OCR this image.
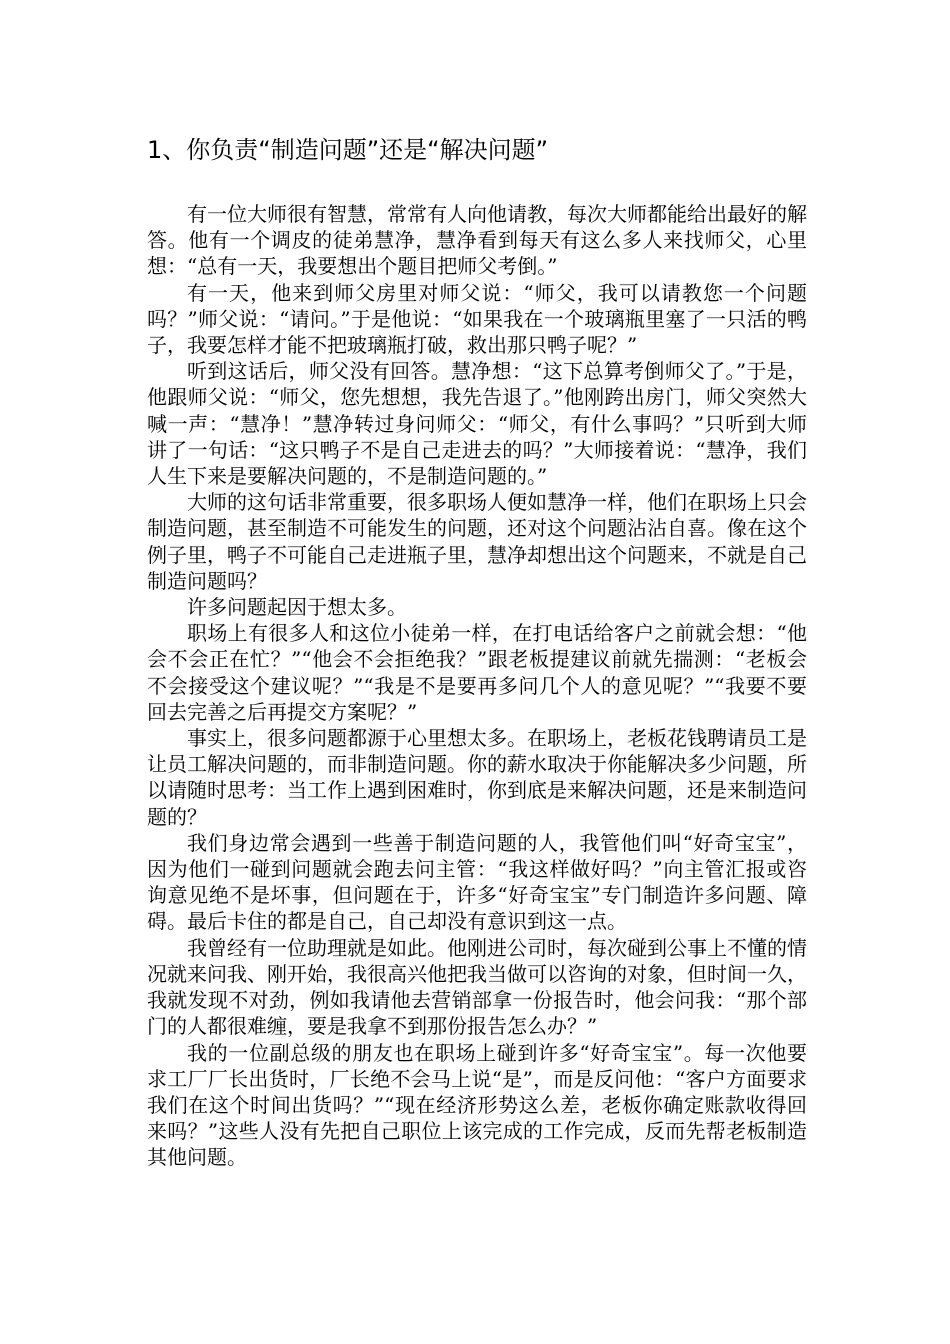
1、你负责“制造问题”还是“解决问题”

有一位大师很有智慧，常常有人向他请教，每次大师都能给出最好的解答。他有一个调皮的徒弟慧净，慧净看到每天有这么多人来找师父，心里想：“总有一天，我要想出个题目把师父考倒。”

有一天，他来到师父房里对师父说：“师父，我可以请教您一个问题吗？”师父说：“请问。”于是他说：“如果我在一个玻璃瓶里塞了一只活的鸭子，我要怎样才能不把玻璃瓶打破，救出那只鸭子呢？”

听到这话后，师父没有回答。慧净想：“这下总算考倒师父了。”于是，他跟师父说：“师父，您先想想，我先告退了。”他刚跨出房门，师父突然大喊一声：“慧净！”慧净转过身问师父：“师父，有什么事吗？”只听到大师讲了一句话：“这只鸭子不是自己走进去的吗？”大师接着说：“慧净，我们人生下来是要解决问题的，不是制造问题的。”

大师的这句话非常重要，很多职场人便如慧净一样，他们在职场上只会制造问题，甚至制造不可能发生的问题，还对这个问题沾沾自喜。像在这个例子里，鸭子不可能自己走进瓶子里，慧净却想出这个问题来，不就是自己制造问题吗？

许多问题起因于想太多。

职场上有很多人和这位小徒弟一样，在打电话给客户之前就会想：“他会不会正在忙？”“他会不会拒绝我？”跟老板提建议前就先揣测：“老板会不会接受这个建议呢？”“我是不是要再多问几个人的意见呢？”“我要不要回去完善之后再提交方案呢？”

事实上，很多问题都源于心里想太多。在职场上，老板花钱聘请员工是让员工解决问题的，而非制造问题。你的薪水取决于你能解决多少问题，所以请随时思考：当工作上遇到困难时，你到底是来解决问题，还是来制造问题的？

我们身边常会遇到一些善于制造问题的人，我管他们叫“好奇宝宝”，因为他们一碰到问题就会跑去问主管：“我这样做好吗？”向主管汇报或咨询意见绝不是坏事，但问题在于，许多“好奇宝宝”专门制造许多问题、障碍。最后卡住的都是自己，自己却没有意识到这一点。

我曾经有一位助理就是如此。他刚进公司时，每次碰到公事上不懂的情况就来问我、刚开始，我很高兴他把我当做可以咨询的对象，但时间一久，我就发现不对劲，例如我请他去营销部拿一份报告时，他会问我：“那个部门的人都很难缠，要是我拿不到那份报告怎么办？”

我的一位副总级的朋友也在职场上碰到许多“好奇宝宝”。每一次他要求工厂厂长出货时，厂长绝不会马上说“是”，而是反问他：“客户方面要求我们在这个时间出货吗？”“现在经济形势这么差，老板你确定账款收得回来吗？”这些人没有先把自己职位上该完成的工作完成，反而先帮老板制造其他问题。
